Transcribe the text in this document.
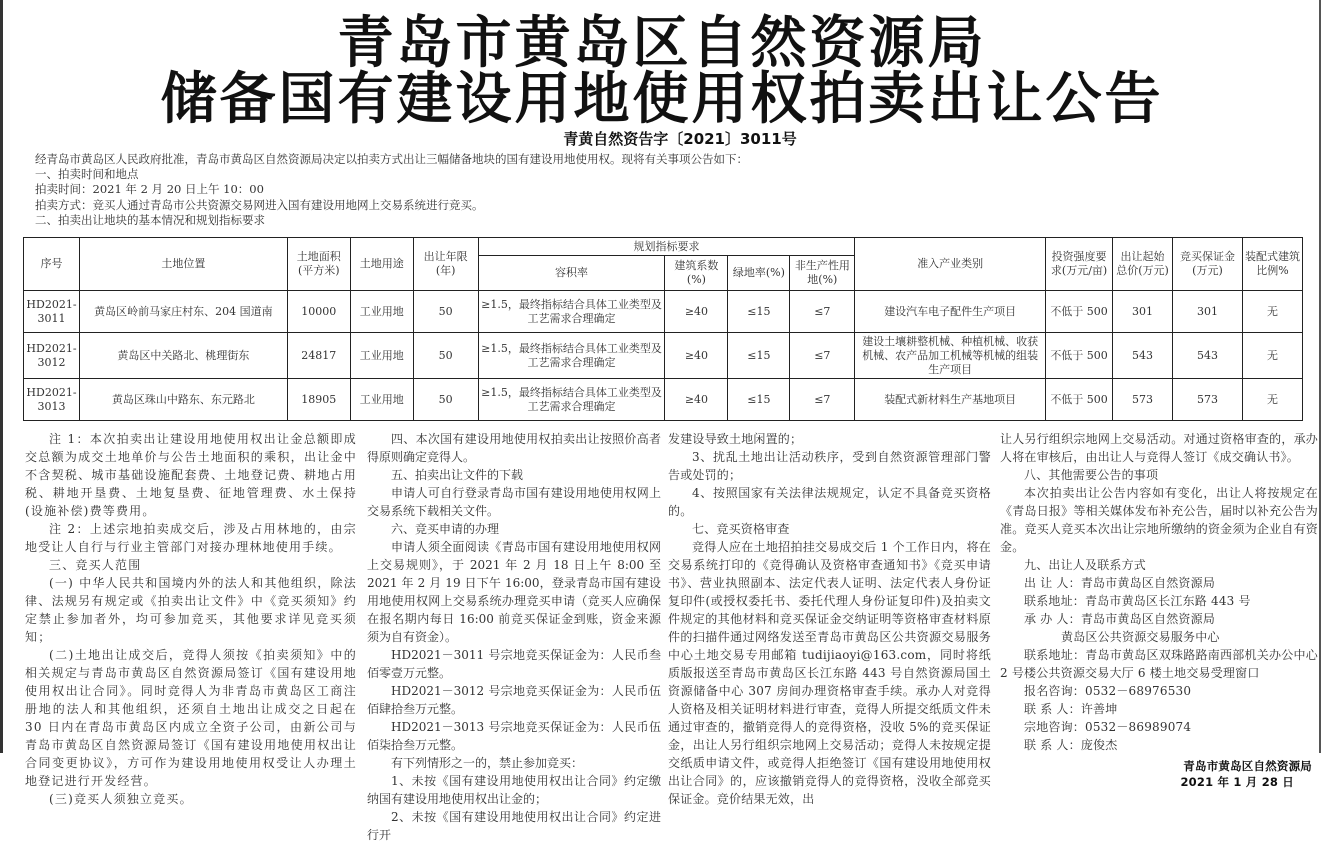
青岛市黄岛区自然资源局
储备国有建设用地使用权拍卖出让公告
青黄自然资告字〔2021〕3011号
经青岛市黄岛区人民政府批准，青岛市黄岛区自然资源局决定以拍卖方式出让三幅储备地块的国有建设用地使用权。现将有关事项公告如下：
一、拍卖时间和地点
拍卖时间：2021 年 2 月 20 日上午 10：00
拍卖方式：竞买人通过青岛市公共资源交易网进入国有建设用地网上交易系统进行竞买。
二、拍卖出让地块的基本情况和规划指标要求
序号	土地位置	土地面积(平方米)	土地用途	出让年限(年)	规划指标要求				准入产业类别	投资强度要求(万元/亩)	出让起始总价(万元)	竞买保证金(万元)	装配式建筑比例%
					容积率	建筑系数(%)	绿地率(%)	非生产性用地(%)					
HD2021-3011	黄岛区岭前马家庄村东、204 国道南	10000	工业用地	50	≥1.5，最终指标结合具体工业类型及工艺需求合理确定	≥40	≤15	≤7	建设汽车电子配件生产项目	不低于 500	301	301	无
HD2021-3012	黄岛区中关路北、桃理街东	24817	工业用地	50	≥1.5，最终指标结合具体工业类型及工艺需求合理确定	≥40	≤15	≤7	建设土壤耕整机械、种植机械、收获机械、农产品加工机械等机械的组装生产项目	不低于 500	543	543	无
HD2021-3013	黄岛区珠山中路东、东元路北	18905	工业用地	50	≥1.5，最终指标结合具体工业类型及工艺需求合理确定	≥40	≤15	≤7	装配式新材料生产基地项目	不低于 500	573	573	无

注 1：本次拍卖出让建设用地使用权出让金总额即成交总额为成交土地单价与公告土地面积的乘积，出让金中不含契税、城市基础设施配套费、土地登记费、耕地占用税、耕地开垦费、土地复垦费、征地管理费、水土保持(设施补偿)费等费用。

注 2：上述宗地拍卖成交后，涉及占用林地的，由宗地受让人自行与行业主管部门对接办理林地使用手续。

三、竞买人范围

(一) 中华人民共和国境内外的法人和其他组织，除法律、法规另有规定或《拍卖出让文件》中《竞买须知》约定禁止参加者外，均可参加竞买，其他要求详见竞买须知；

(二)土地出让成交后，竞得人须按《拍卖须知》中的相关规定与青岛市黄岛区自然资源局签订《国有建设用地使用权出让合同》。同时竞得人为非青岛市黄岛区工商注册地的法人和其他组织，还须自土地出让成交之日起在 30 日内在青岛市黄岛区内成立全资子公司，由新公司与青岛市黄岛区自然资源局签订《国有建设用地使用权出让合同变更协议》，方可作为建设用地使用权受让人办理土地登记进行开发经营。

(三)竞买人须独立竞买。

四、本次国有建设用地使用权拍卖出让按照价高者得原则确定竞得人。

五、拍卖出让文件的下载

申请人可自行登录青岛市国有建设用地使用权网上交易系统下载相关文件。

六、竞买申请的办理

申请人须全面阅读《青岛市国有建设用地使用权网上交易规则》，于 2021 年 2 月 18 日上午 8:00 至 2021 年 2 月 19 日下午 16:00，登录青岛市国有建设用地使用权网上交易系统办理竞买申请（竞买人应确保在报名期内每日 16:00 前竞买保证金到账，资金来源须为自有资金）。

HD2021－3011 号宗地竞买保证金为：人民币叁佰零壹万元整。

HD2021－3012 号宗地竞买保证金为：人民币伍佰肆拾叁万元整。

HD2021－3013 号宗地竞买保证金为：人民币伍佰柒拾叁万元整。

有下列情形之一的，禁止参加竞买：

1、未按《国有建设用地使用权出让合同》约定缴纳国有建设用地使用权出让金的；

2、未按《国有建设用地使用权出让合同》约定进行开

发建设导致土地闲置的；

3、扰乱土地出让活动秩序，受到自然资源管理部门警告或处罚的；

4、按照国家有关法律法规规定，认定不具备竞买资格的。

七、竞买资格审查

竞得人应在土地招拍挂交易成交后 1 个工作日内，将在交易系统打印的《竞得确认及资格审查通知书》《竞买申请书》、营业执照副本、法定代表人证明、法定代表人身份证复印件(或授权委托书、委托代理人身份证复印件)及拍卖文件规定的其他材料和竞买保证金交纳证明等资格审查材料原件的扫描件通过网络发送至青岛市黄岛区公共资源交易服务中心土地交易专用邮箱 tudijiaoyi@163.com，同时将纸质版报送至青岛市黄岛区长江东路 443 号自然资源局国土资源储备中心 307 房间办理资格审查手续。承办人对竞得人资格及相关证明材料进行审查，竞得人所提交纸质文件未通过审查的，撤销竞得人的竞得资格，没收 5%的竞买保证金，出让人另行组织宗地网上交易活动；竞得人未按规定提交纸质申请文件，或竞得人拒绝签订《国有建设用地使用权出让合同》的，应该撤销竞得人的竞得资格，没收全部竞买保证金。竞价结果无效，出

让人另行组织宗地网上交易活动。对通过资格审查的，承办人将在审核后，由出让人与竞得人签订《成交确认书》。

八、其他需要公告的事项

本次拍卖出让公告内容如有变化，出让人将按规定在《青岛日报》等相关媒体发布补充公告，届时以补充公告为准。竞买人竞买本次出让宗地所缴纳的资金须为企业自有资金。

九、出让人及联系方式

出 让 人：青岛市黄岛区自然资源局

联系地址：青岛市黄岛区长江东路 443 号

承 办 人：青岛市黄岛区自然资源局

　　　　　黄岛区公共资源交易服务中心

联系地址：青岛市黄岛区双珠路路南西部机关办公中心 2 号楼公共资源交易大厅 6 楼土地交易受理窗口

报名咨询：0532－68976530

联 系 人：许善坤

宗地咨询：0532－86989074

联 系 人：庞俊杰

青岛市黄岛区自然资源局

2021 年 1 月 28 日
